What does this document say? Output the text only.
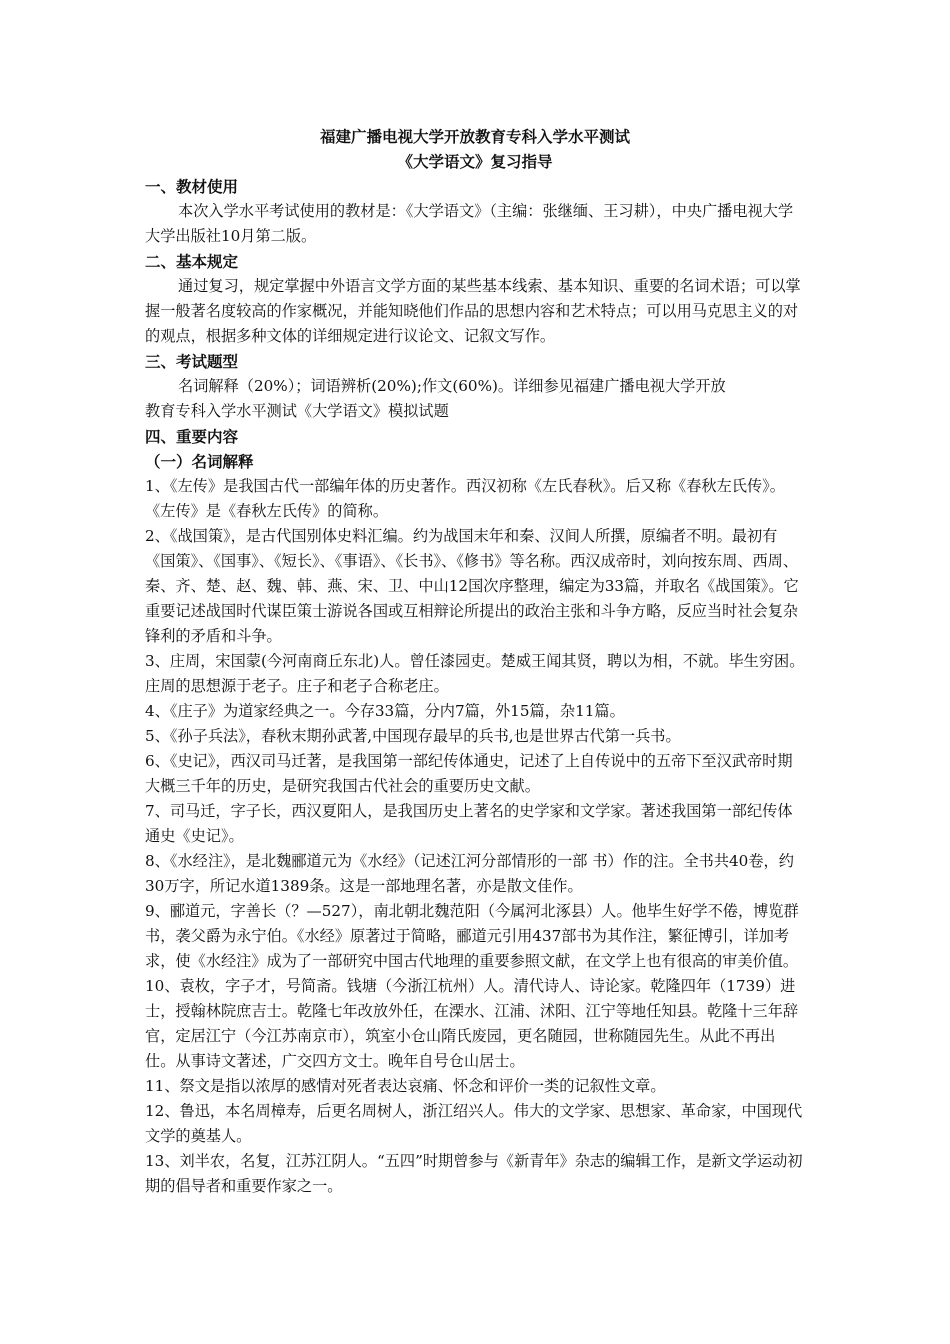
福建广播电视大学开放教育专科入学水平测试

《大学语文》复习指导

一、教材使用

本次入学水平考试使用的教材是：《大学语文》（主编：张继缅、王习耕），中央广播电视大学大学出版社10月第二版。

二、基本规定

通过复习，规定掌握中外语言文学方面的某些基本线索、基本知识、重要的名词术语；可以掌握一般著名度较高的作家概况，并能知晓他们作品的思想内容和艺术特点；可以用马克思主义的对的观点，根据多种文体的详细规定进行议论文、记叙文写作。

三、考试题型

名词解释（20%）；词语辨析(20%);作文(60%)。详细参见福建广播电视大学开放

教育专科入学水平测试《大学语文》模拟试题

四、重要内容

（一）名词解释

1、《左传》是我国古代一部编年体的历史著作。西汉初称《左氏春秋》。后又称《春秋左氏传》。《左传》是《春秋左氏传》的简称。

2、《战国策》，是古代国别体史料汇编。约为战国末年和秦、汉间人所撰，原编者不明。最初有《国策》、《国事》、《短长》、《事语》、《长书》、《修书》等名称。西汉成帝时，刘向按东周、西周、秦、齐、楚、赵、魏、韩、燕、宋、卫、中山12国次序整理，编定为33篇，并取名《战国策》。它重要记述战国时代谋臣策士游说各国或互相辩论所提出的政治主张和斗争方略，反应当时社会复杂锋利的矛盾和斗争。

3、庄周，宋国蒙(今河南商丘东北)人。曾任漆园吏。楚威王闻其贤，聘以为相，不就。毕生穷困。庄周的思想源于老子。庄子和老子合称老庄。

4、《庄子》为道家经典之一。今存33篇，分内7篇，外15篇，杂11篇。

5、《孙子兵法》，春秋末期孙武著,中国现存最早的兵书,也是世界古代第一兵书。

6、《史记》，西汉司马迁著，是我国第一部纪传体通史，记述了上自传说中的五帝下至汉武帝时期大概三千年的历史，是研究我国古代社会的重要历史文献。

7、司马迁，字子长，西汉夏阳人，是我国历史上著名的史学家和文学家。著述我国第一部纪传体通史《史记》。

8、《水经注》，是北魏郦道元为《水经》（记述江河分部情形的一部 书）作的注。全书共40卷，约30万字，所记水道1389条。这是一部地理名著，亦是散文佳作。

9、郦道元，字善长（？—527），南北朝北魏范阳（今属河北涿县）人。他毕生好学不倦，博览群书，袭父爵为永宁伯。《水经》原著过于简略，郦道元引用437部书为其作注，繁征博引，详加考求，使《水经注》成为了一部研究中国古代地理的重要参照文献，在文学上也有很高的审美价值。

10、袁枚，字子才，号简斋。钱塘（今浙江杭州）人。清代诗人、诗论家。乾隆四年（1739）进士，授翰林院庶吉士。乾隆七年改放外任，在溧水、江浦、沭阳、江宁等地任知县。乾隆十三年辞官，定居江宁（今江苏南京市），筑室小仓山隋氏废园，更名随园，世称随园先生。从此不再出仕。从事诗文著述，广交四方文士。晚年自号仓山居士。

11、祭文是指以浓厚的感情对死者表达哀痛、怀念和评价一类的记叙性文章。

12、鲁迅，本名周樟寿，后更名周树人，浙江绍兴人。伟大的文学家、思想家、革命家，中国现代文学的奠基人。

13、刘半农，名复，江苏江阴人。“五四”时期曾参与《新青年》杂志的编辑工作，是新文学运动初期的倡导者和重要作家之一。
